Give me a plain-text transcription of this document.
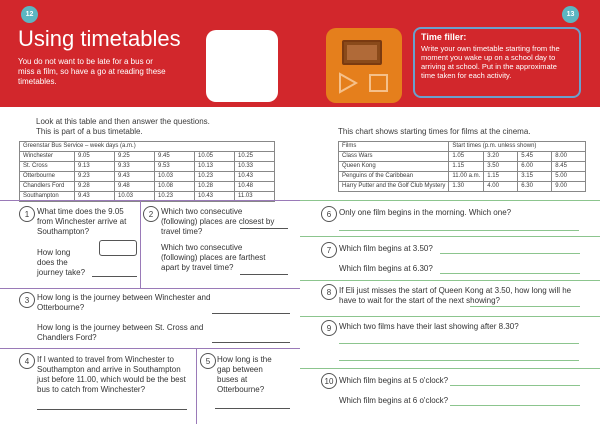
12	13
Using timetables
You do not want to be late for a bus or miss a film, so have a go at reading these timetables.
Time filler:
Write your own timetable starting from the moment you wake up on a school day to arriving at school. Put in the approximate time taken for each activity.
Look at this table and then answer the questions.
This is part of a bus timetable.
Greenstar Bus Service – week days (a.m.)					
Winchester	9.05	9.25	9.45	10.05	10.25
St. Cross	9.13	9.33	9.53	10.13	10.33
Otterbourne	9.23	9.43	10.03	10.23	10.43
Chandlers Ford	9.28	9.48	10.08	10.28	10.48
Southampton	9.43	10.03	10.23	10.43	11.03
This chart shows starting times for films at the cinema.
Films	Start times (p.m. unless shown)			
Class Wars	1.05	3.20	5.45	8.00
Queen Kong	1.15	3.50	6.00	8.45
Penguins of the Caribbean	11.00 a.m.	1.15	3.15	5.00
Harry Putter and the Golf Club Mystery	1.30	4.00	6.30	9.00
1 What time does the 9.05 from Winchester arrive at Southampton?
How long does the journey take?
2 Which two consecutive (following) places are closest by travel time?
Which two consecutive (following) places are farthest apart by travel time?
3 How long is the journey between Winchester and Otterbourne?
How long is the journey between St. Cross and Chandlers Ford?
4 If I wanted to travel from Winchester to Southampton and arrive in Southampton just before 11.00, which would be the best bus to catch from Winchester?
5 How long is the gap between buses at Otterbourne?
6 Only one film begins in the morning. Which one?
7 Which film begins at 3.50?
Which film begins at 6.30?
8 If Eli just misses the start of Queen Kong at 3.50, how long will he have to wait for the start of the next showing?
9 Which two films have their last showing after 8.30?
10 Which film begins at 5 o'clock?
Which film begins at 6 o'clock?
